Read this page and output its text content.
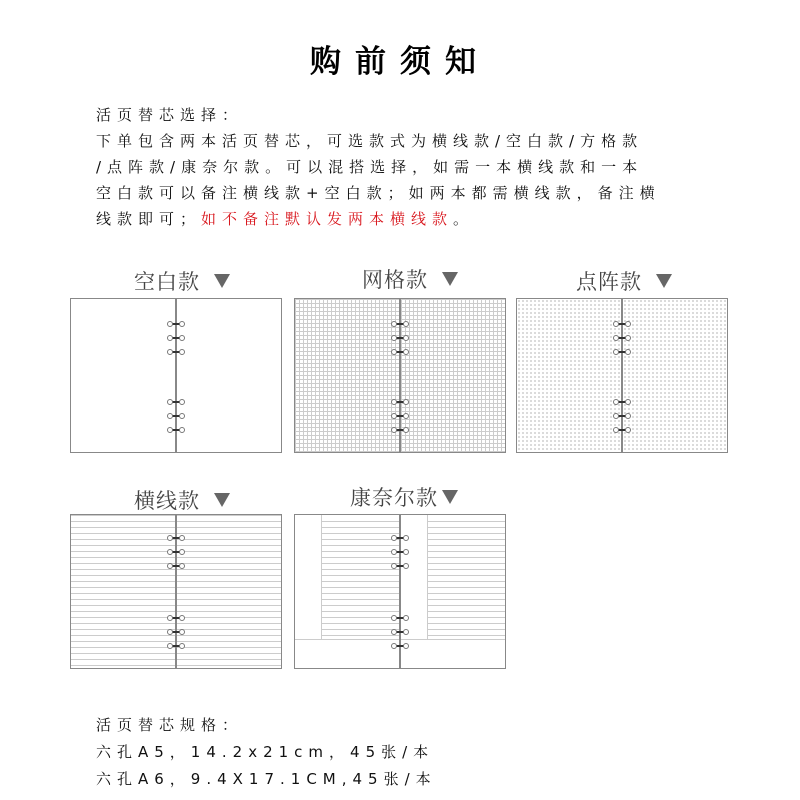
购前须知
活页替芯选择：
下单包含两本活页替芯，可选款式为横线款/空白款/方格款
/点阵款/康奈尔款。可以混搭选择，如需一本横线款和一本
空白款可以备注横线款+空白款；如两本都需横线款，备注横
线款即可；如不备注默认发两本横线款。
空白款	网格款	点阵款
横线款	康奈尔款
活页替芯规格：
六孔A5，14.2x21cm，45张/本
六孔A6，9.4X17.1CM,45张/本
